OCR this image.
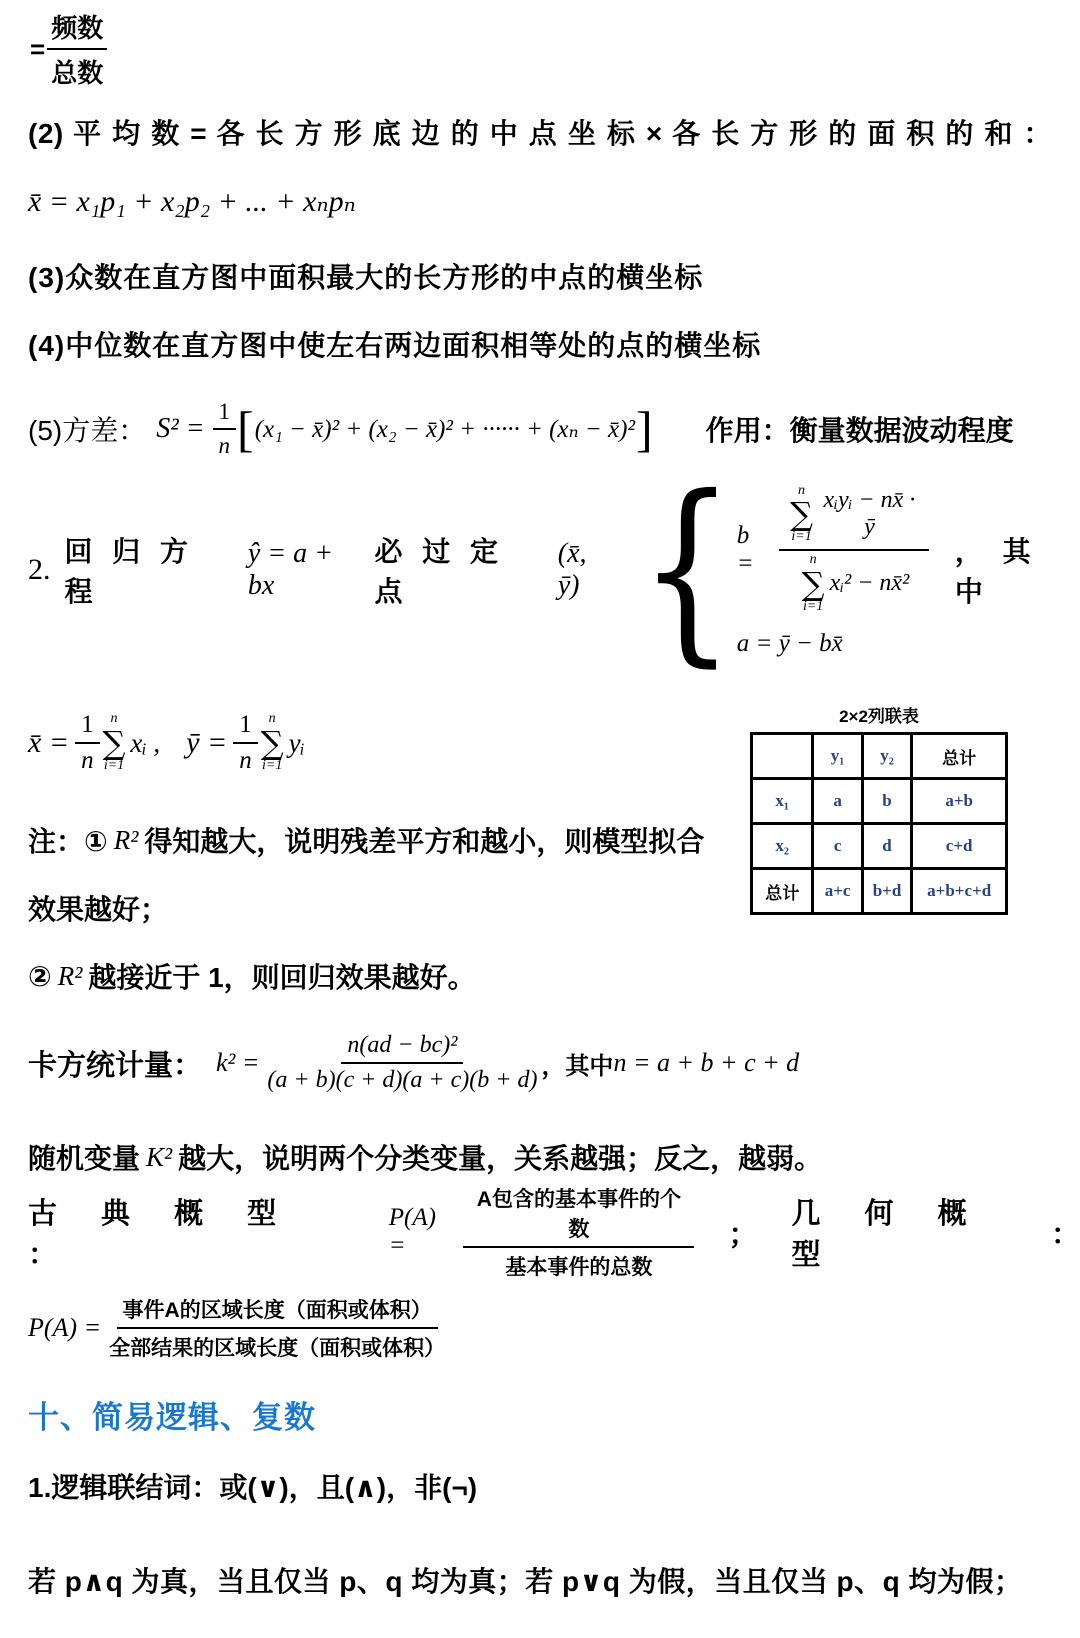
= $\frac{\text{频数}}{\text{总数}}$
(2) 平 均 数 = 各 长 方 形 底 边 的 中 点 坐 标 × 各 长 方 形 的 面 积 的 和 ：
x̄ = x₁p₁ + x₂p₂ + ... + xₙpₙ
(3)众数在直方图中面积最大的长方形的中点的横坐标
(4)中位数在直方图中使左右两边面积相等处的点的横坐标
(5)方差： $S^2 = \frac{1}{n}$ [ (x₁ − x̄)² + (x₂ − x̄)² + ······ + (xₙ − x̄)² ] 作用：衡量数据波动程度
2.
回 归 方 程
ŷ = a + bx
必 过 定 点
(x̄, ȳ) { b =
n
∑
i=1
xᵢyᵢ − nx̄ · ȳ
n
∑
i=1
xᵢ² − nx̄²
a = ȳ − bx̄
， 其 中
x̄ = $\frac{1}{n}$ n
∑
i=1
xᵢ , ȳ = $\frac{1}{n}$ n
∑
i=1
yᵢ
2×2列联表
	y₁	y₂	总计
x₁	a	b	a+b
x₂	c	d	c+d
总计	a+c	b+d	a+b+c+d
注：① R² 得知越大，说明残差平方和越小，则模型拟合
效果越好；
② R² 越接近于 1，则回归效果越好。
卡方统计量： $k^2 = \frac{\text{n(ad − bc)²}}{(a + b)(c + d)(a + c)(b + d)}$ ，其中 n = a + b + c + d
随机变量 K² 越大，说明两个分类变量，关系越强；反之，越弱。
古 典 概 型 ：
P(A) =	$\frac{\text{A包含的基本事件的个数}}{\text{基本事件的总数}}$ ；
几 何 概 型
：
$P(A) = \frac{\text{事件A的区域长度（面积或体积）}}{\text{全部结果的区域长度（面积或体积）}}$
十、简易逻辑、复数
1.逻辑联结词：或(∨)，且(∧)，非(¬)
若 p∧q 为真，当且仅当 p、q 均为真；若 p∨q 为假，当且仅当 p、q 均为假；
